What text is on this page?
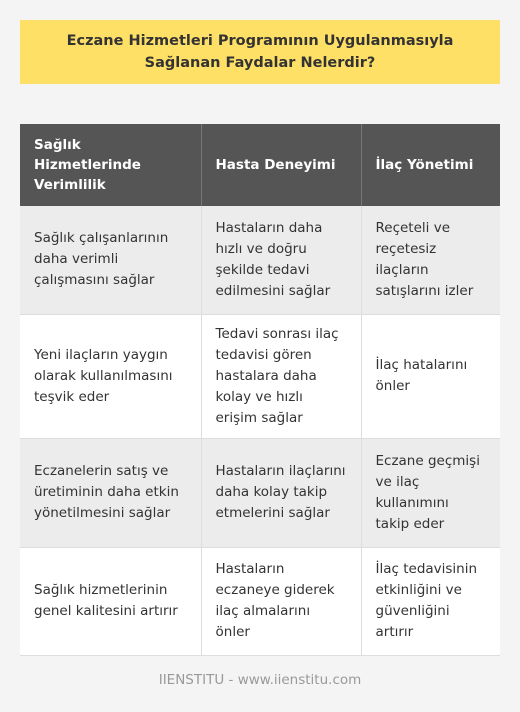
Eczane Hizmetleri Programının Uygulanmasıyla Sağlanan Faydalar Nelerdir?
Sağlık Hizmetlerinde Verimlilik	Hasta Deneyimi	İlaç Yönetimi
Sağlık çalışanlarının daha verimli çalışmasını sağlar	Hastaların daha hızlı ve doğru şekilde tedavi edilmesini sağlar	Reçeteli ve reçetesiz ilaçların satışlarını izler
Yeni ilaçların yaygın olarak kullanılmasını teşvik eder	Tedavi sonrası ilaç tedavisi gören hastalara daha kolay ve hızlı erişim sağlar	İlaç hatalarını önler
Eczanelerin satış ve üretiminin daha etkin yönetilmesini sağlar	Hastaların ilaçlarını daha kolay takip etmelerini sağlar	Eczane geçmişi ve ilaç kullanımını takip eder
Sağlık hizmetlerinin genel kalitesini artırır	Hastaların eczaneye giderek ilaç almalarını önler	İlaç tedavisinin etkinliğini ve güvenliğini artırır
IIENSTITU - www.iienstitu.com
